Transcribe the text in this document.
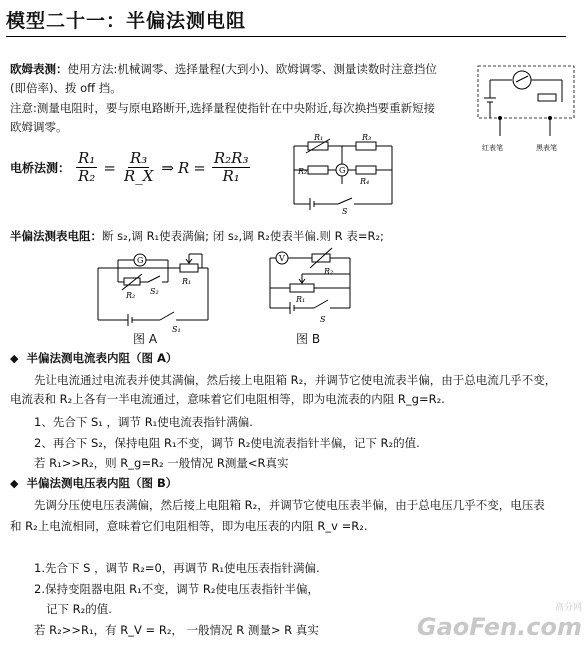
模型二十一：半偏法测电阻
欧姆表测：使用方法:机械调零、选择量程(大到小)、欧姆调零、测量读数时注意挡位
(即倍率)、拨 off 挡。
注意:测量电阻时，要与原电路断开,选择量程使指针在中央附近,每次换挡要重新短接
欧姆调零。
红表笔	黑表笔
电桥法测： $\frac{\text{R₁}}{\text{R₂}} = \frac{\text{R₃}}{R\_X}$ ⇒ $R = \frac{\text{R₂R₃}}{\text{R₁}}$
R₁	R₃
R₂	G
R₄
S
半偏法测表电阻：断 s₂,调 R₁使表满偏; 闭 s₂,调 R₂使表半偏.则 R 表=R₂;
G
R₂ S₂
R₁
S₁
图 A
V
R₂
R₁
S
图 B
◆ 半偏法测电流表内阻（图 A）
先让电流通过电流表并使其满偏，然后接上电阻箱 R₂，并调节它使电流表半偏，由于总电流几乎不变，
电流表和 R₂上各有一半电流通过，意味着它们电阻相等，即为电流表的内阻 R_g=R₂.
1、先合下 S₁ ，调节 R₁使电流表指针满偏.
2、再合下 S₂，保持电阻 R₁不变，调节 R₂使电流表指针半偏，记下 R₂的值.
若 R₁>>R₂，则 R_g=R₂ 一般情况 R测量<R真实
◆ 半偏法测电压表内阻（图 B）
先调分压使电压表满偏，然后接上电阻箱 R₂，并调节它使电压表半偏，由于总电压几乎不变，电压表
和 R₂上电流相同，意味着它们电阻相等，即为电压表的内阻 R_v =R₂.
1.先合下 S ，调节 R₂=0，再调节 R₁使电压表指针满偏.
2.保持变阻器电阻 R₁不变，调节 R₂使电压表指针半偏，
记下 R₂的值.
若 R₂>>R₁，有 R_V = R₂， 一般情况 R 测量> R 真实
高分网
GaoFen.com
